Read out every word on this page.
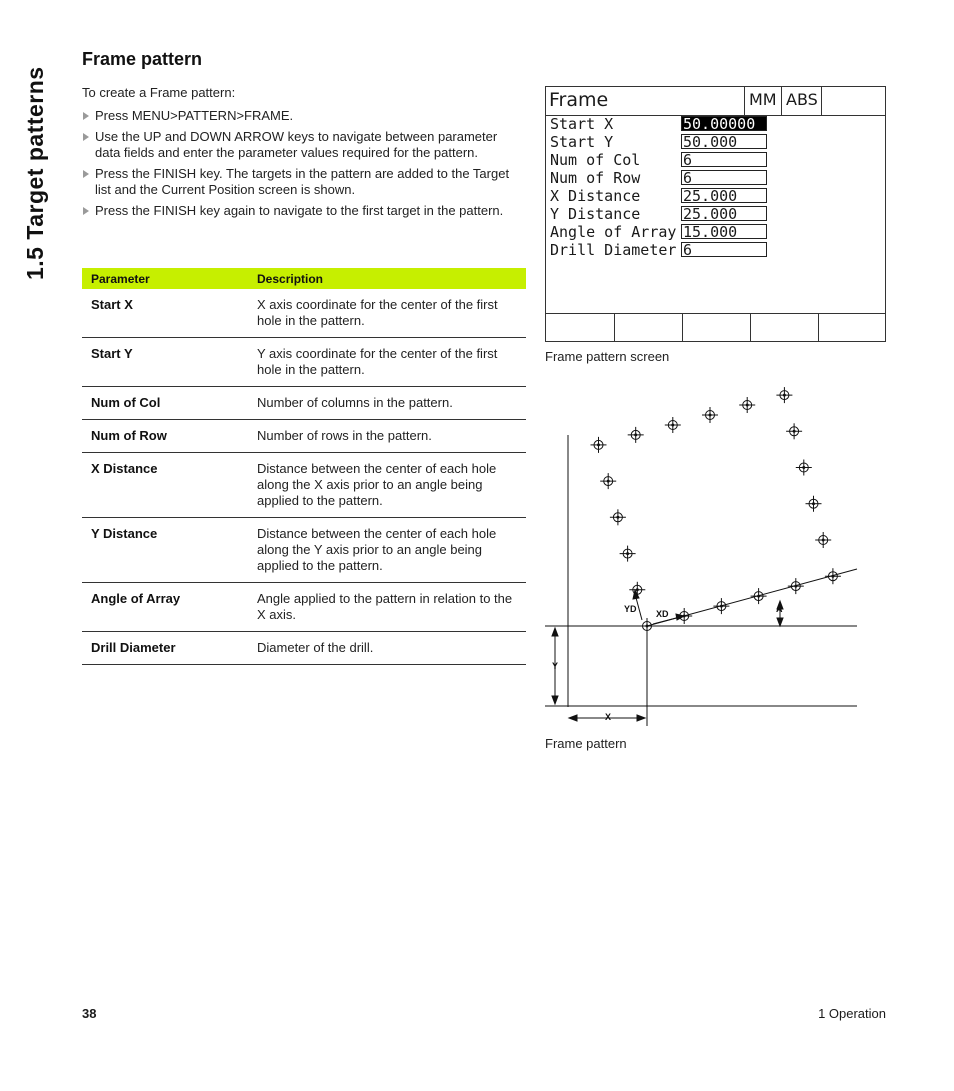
1.5 Target patterns
Frame pattern
To create a Frame pattern:
Press MENU>PATTERN>FRAME.
Use the UP and DOWN ARROW keys to navigate between parameter data fields and enter the parameter values required for the pattern.
Press the FINISH key. The targets in the pattern are added to the Target list and the Current Position screen is shown.
Press the FINISH key again to navigate to the first target in the pattern.
Parameter	Description
Start X	X axis coordinate for the center of the first hole in the pattern.
Start Y	Y axis coordinate for the center of the first hole in the pattern.
Num of Col	Number of columns in the pattern.
Num of Row	Number of rows in the pattern.
X Distance	Distance between the center of each hole along the X axis prior to an angle being applied to the pattern.
Y Distance	Distance between the center of each hole along the Y axis prior to an angle being applied to the pattern.
Angle of Array	Angle applied to the pattern in relation to the X axis.
Drill Diameter	Diameter of the drill.
Frame	MM ABS
Start X	50.00000
Start Y	50.000
Num of Col	6
Num of Row	6
X Distance	25.000
Y Distance	25.000
Angle of Array 15.000
Drill Diameter 6
Frame pattern screen
YD XD	A
Y
X
Frame pattern
38	1 Operation
